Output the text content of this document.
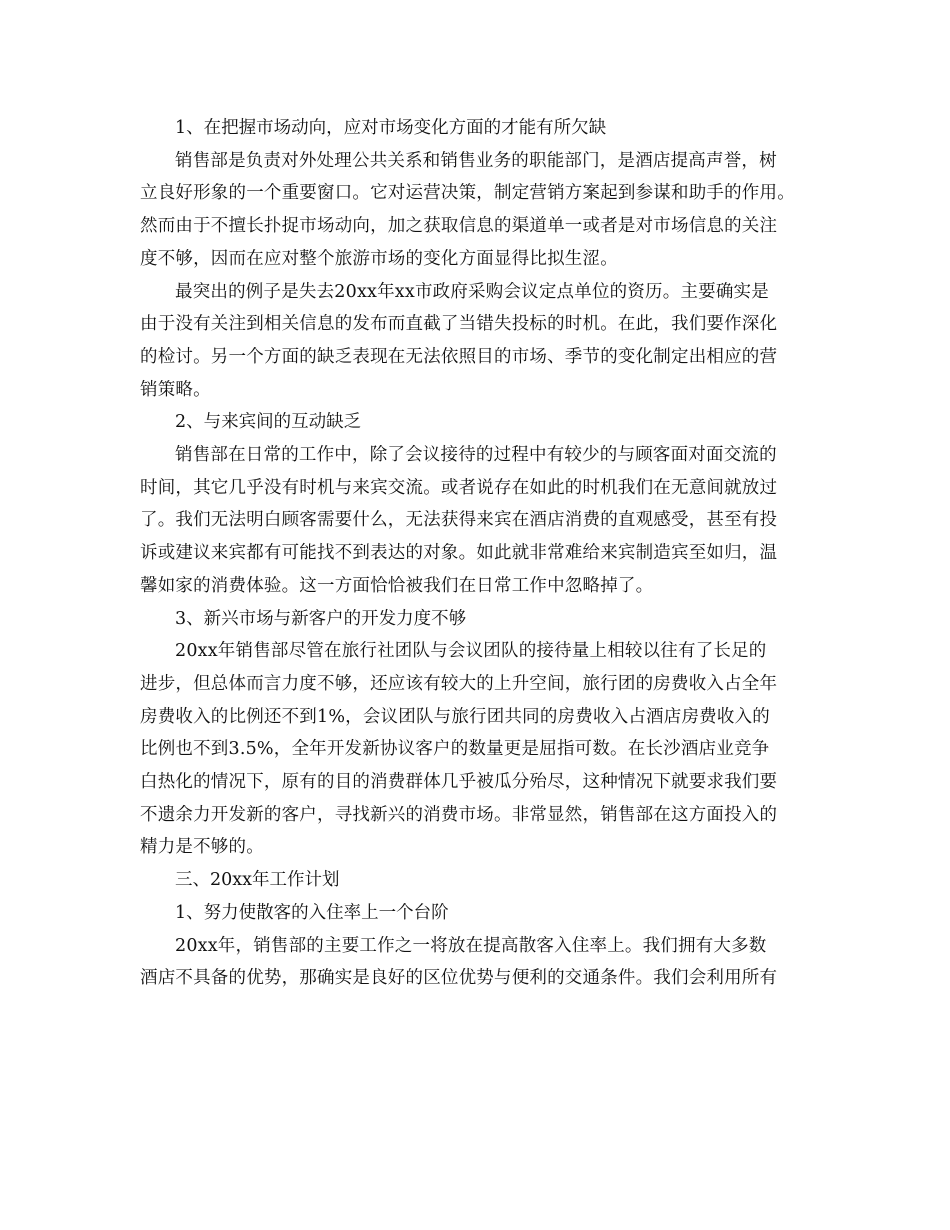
1、在把握市场动向，应对市场变化方面的才能有所欠缺

销售部是负责对外处理公共关系和销售业务的职能部门，是酒店提高声誉，树
立良好形象的一个重要窗口。它对运营决策，制定营销方案起到参谋和助手的作用。
然而由于不擅长扑捉市场动向，加之获取信息的渠道单一或者是对市场信息的关注
度不够，因而在应对整个旅游市场的变化方面显得比拟生涩。

最突出的例子是失去20xx年xx市政府采购会议定点单位的资历。主要确实是
由于没有关注到相关信息的发布而直截了当错失投标的时机。在此，我们要作深化
的检讨。另一个方面的缺乏表现在无法依照目的市场、季节的变化制定出相应的营
销策略。

2、与来宾间的互动缺乏

销售部在日常的工作中，除了会议接待的过程中有较少的与顾客面对面交流的
时间，其它几乎没有时机与来宾交流。或者说存在如此的时机我们在无意间就放过
了。我们无法明白顾客需要什么，无法获得来宾在酒店消费的直观感受，甚至有投
诉或建议来宾都有可能找不到表达的对象。如此就非常难给来宾制造宾至如归，温
馨如家的消费体验。这一方面恰恰被我们在日常工作中忽略掉了。

3、新兴市场与新客户的开发力度不够

20xx年销售部尽管在旅行社团队与会议团队的接待量上相较以往有了长足的
进步，但总体而言力度不够，还应该有较大的上升空间，旅行团的房费收入占全年
房费收入的比例还不到1%，会议团队与旅行团共同的房费收入占酒店房费收入的
比例也不到3.5%，全年开发新协议客户的数量更是屈指可数。在长沙酒店业竞争
白热化的情况下，原有的目的消费群体几乎被瓜分殆尽，这种情况下就要求我们要
不遗余力开发新的客户，寻找新兴的消费市场。非常显然，销售部在这方面投入的
精力是不够的。

三、20xx年工作计划

1、努力使散客的入住率上一个台阶

20xx年，销售部的主要工作之一将放在提高散客入住率上。我们拥有大多数
酒店不具备的优势，那确实是良好的区位优势与便利的交通条件。我们会利用所有
